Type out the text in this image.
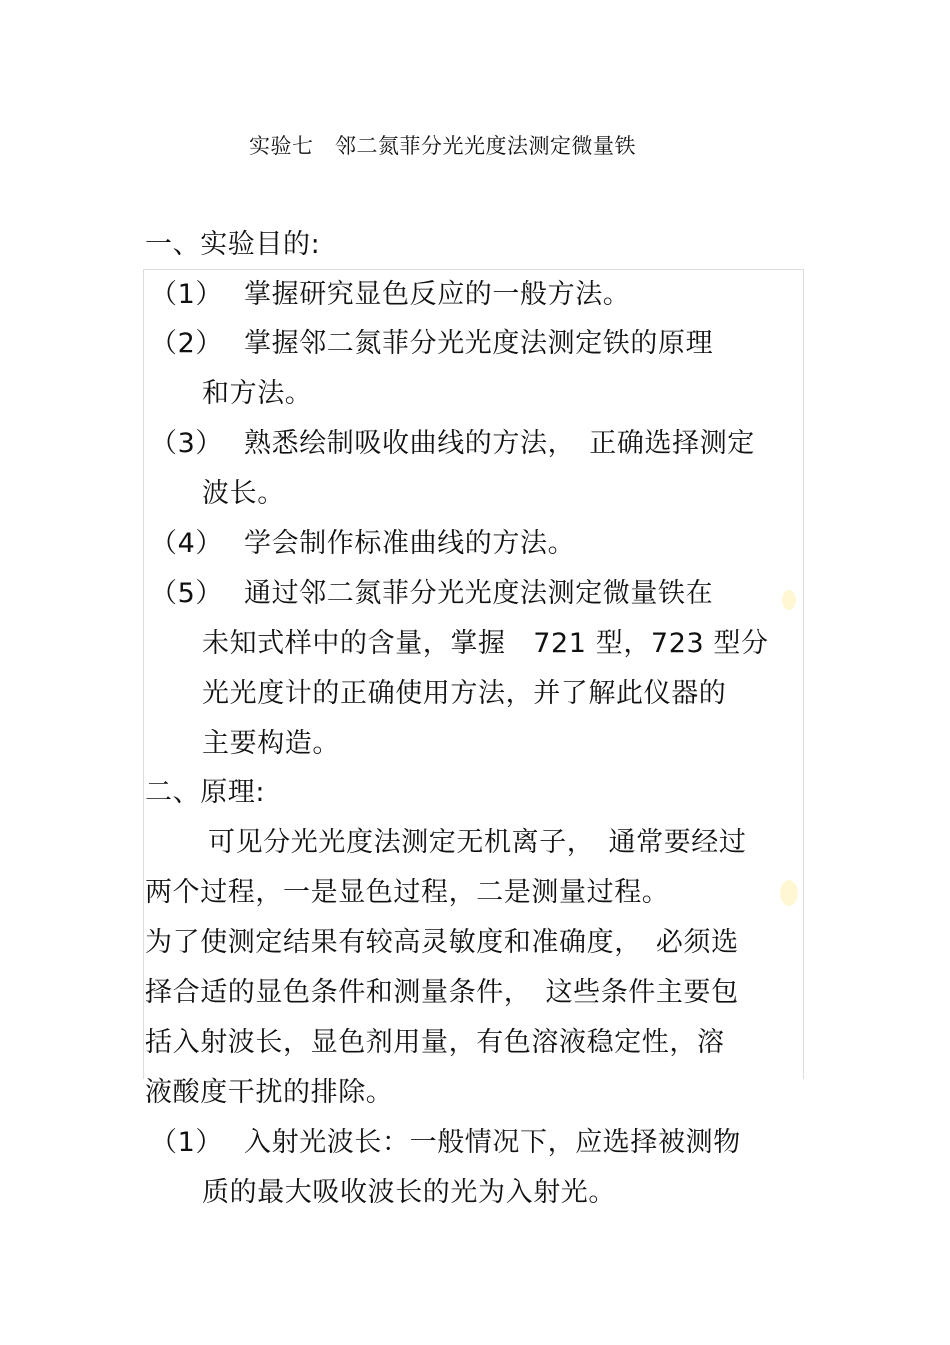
实验七　邻二氮菲分光光度法测定微量铁
一、实验目的:
（1） 掌握研究显色反应的一般方法。
（2） 掌握邻二氮菲分光光度法测定铁的原理
和方法。
（3） 熟悉绘制吸收曲线的方法，　正确选择测定
波长。
（4） 学会制作标准曲线的方法。
（5） 通过邻二氮菲分光光度法测定微量铁在
未知式样中的含量，掌握　721 型，723 型分
光光度计的正确使用方法，并了解此仪器的
主要构造。
二、原理:
可见分光光度法测定无机离子，　通常要经过
两个过程，一是显色过程，二是测量过程。
为了使测定结果有较高灵敏度和准确度，　必须选
择合适的显色条件和测量条件，　这些条件主要包
括入射波长，显色剂用量，有色溶液稳定性，溶
液酸度干扰的排除。
（1） 入射光波长：一般情况下，应选择被测物
质的最大吸收波长的光为入射光。
